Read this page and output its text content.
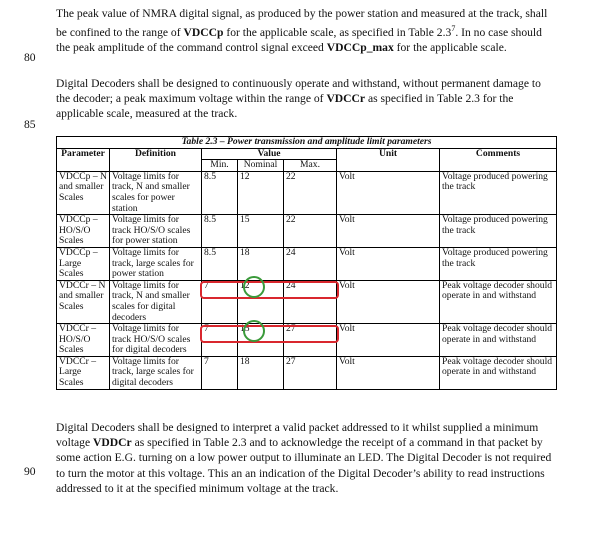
The peak value of NMRA digital signal, as produced by the power station and measured at the track, shall be confined to the range of VDCCp for the applicable scale, as specified in Table $2.3^7$. In no case should the peak amplitude of the command control signal exceed VDCCp_max for the applicable scale.
80
Digital Decoders shall be designed to continuously operate and withstand, without permanent damage to the decoder; a peak maximum voltage within the range of VDCCr as specified in Table 2.3 for the applicable scale, measured at the track.
85
Table 2.3 – Power transmission and amplitude limit parameters						
Parameter	Definition	Value			Unit	Comments
		Min.	Nominal	Max.		
VDCCp – N and smaller Scales	Voltage limits for track, N and smaller scales for power station	8.5	12	22	Volt	Voltage produced powering the track
VDCCp – HO/S/O Scales	Voltage limits for track HO/S/O scales for power station	8.5	15	22	Volt	Voltage produced powering the track
VDCCp – Large Scales	Voltage limits for track, large scales for power station	8.5	18	24	Volt	Voltage produced powering the track
VDCCr – N and smaller Scales	Voltage limits for track, N and smaller scales for digital decoders	7	12	24	Volt	Peak voltage decoder should operate in and withstand
VDCCr – HO/S/O Scales	Voltage limits for track HO/S/O scales for digital decoders	7	15	27	Volt	Peak voltage decoder should operate in and withstand
VDCCr – Large Scales	Voltage limits for track, large scales for digital decoders	7	18	27	Volt	Peak voltage decoder should operate in and withstand
Digital Decoders shall be designed to interpret a valid packet addressed to it whilst supplied a minimum voltage VDDCr as specified in Table 2.3 and to acknowledge the receipt of a command in that packet by some action E.G. turning on a low power output to illuminate an LED. The Digital Decoder is not required to turn the motor at this voltage. This an an indication of the Digital Decoder’s ability to read instructions addressed to it at the specified minimum voltage at the track.
90
